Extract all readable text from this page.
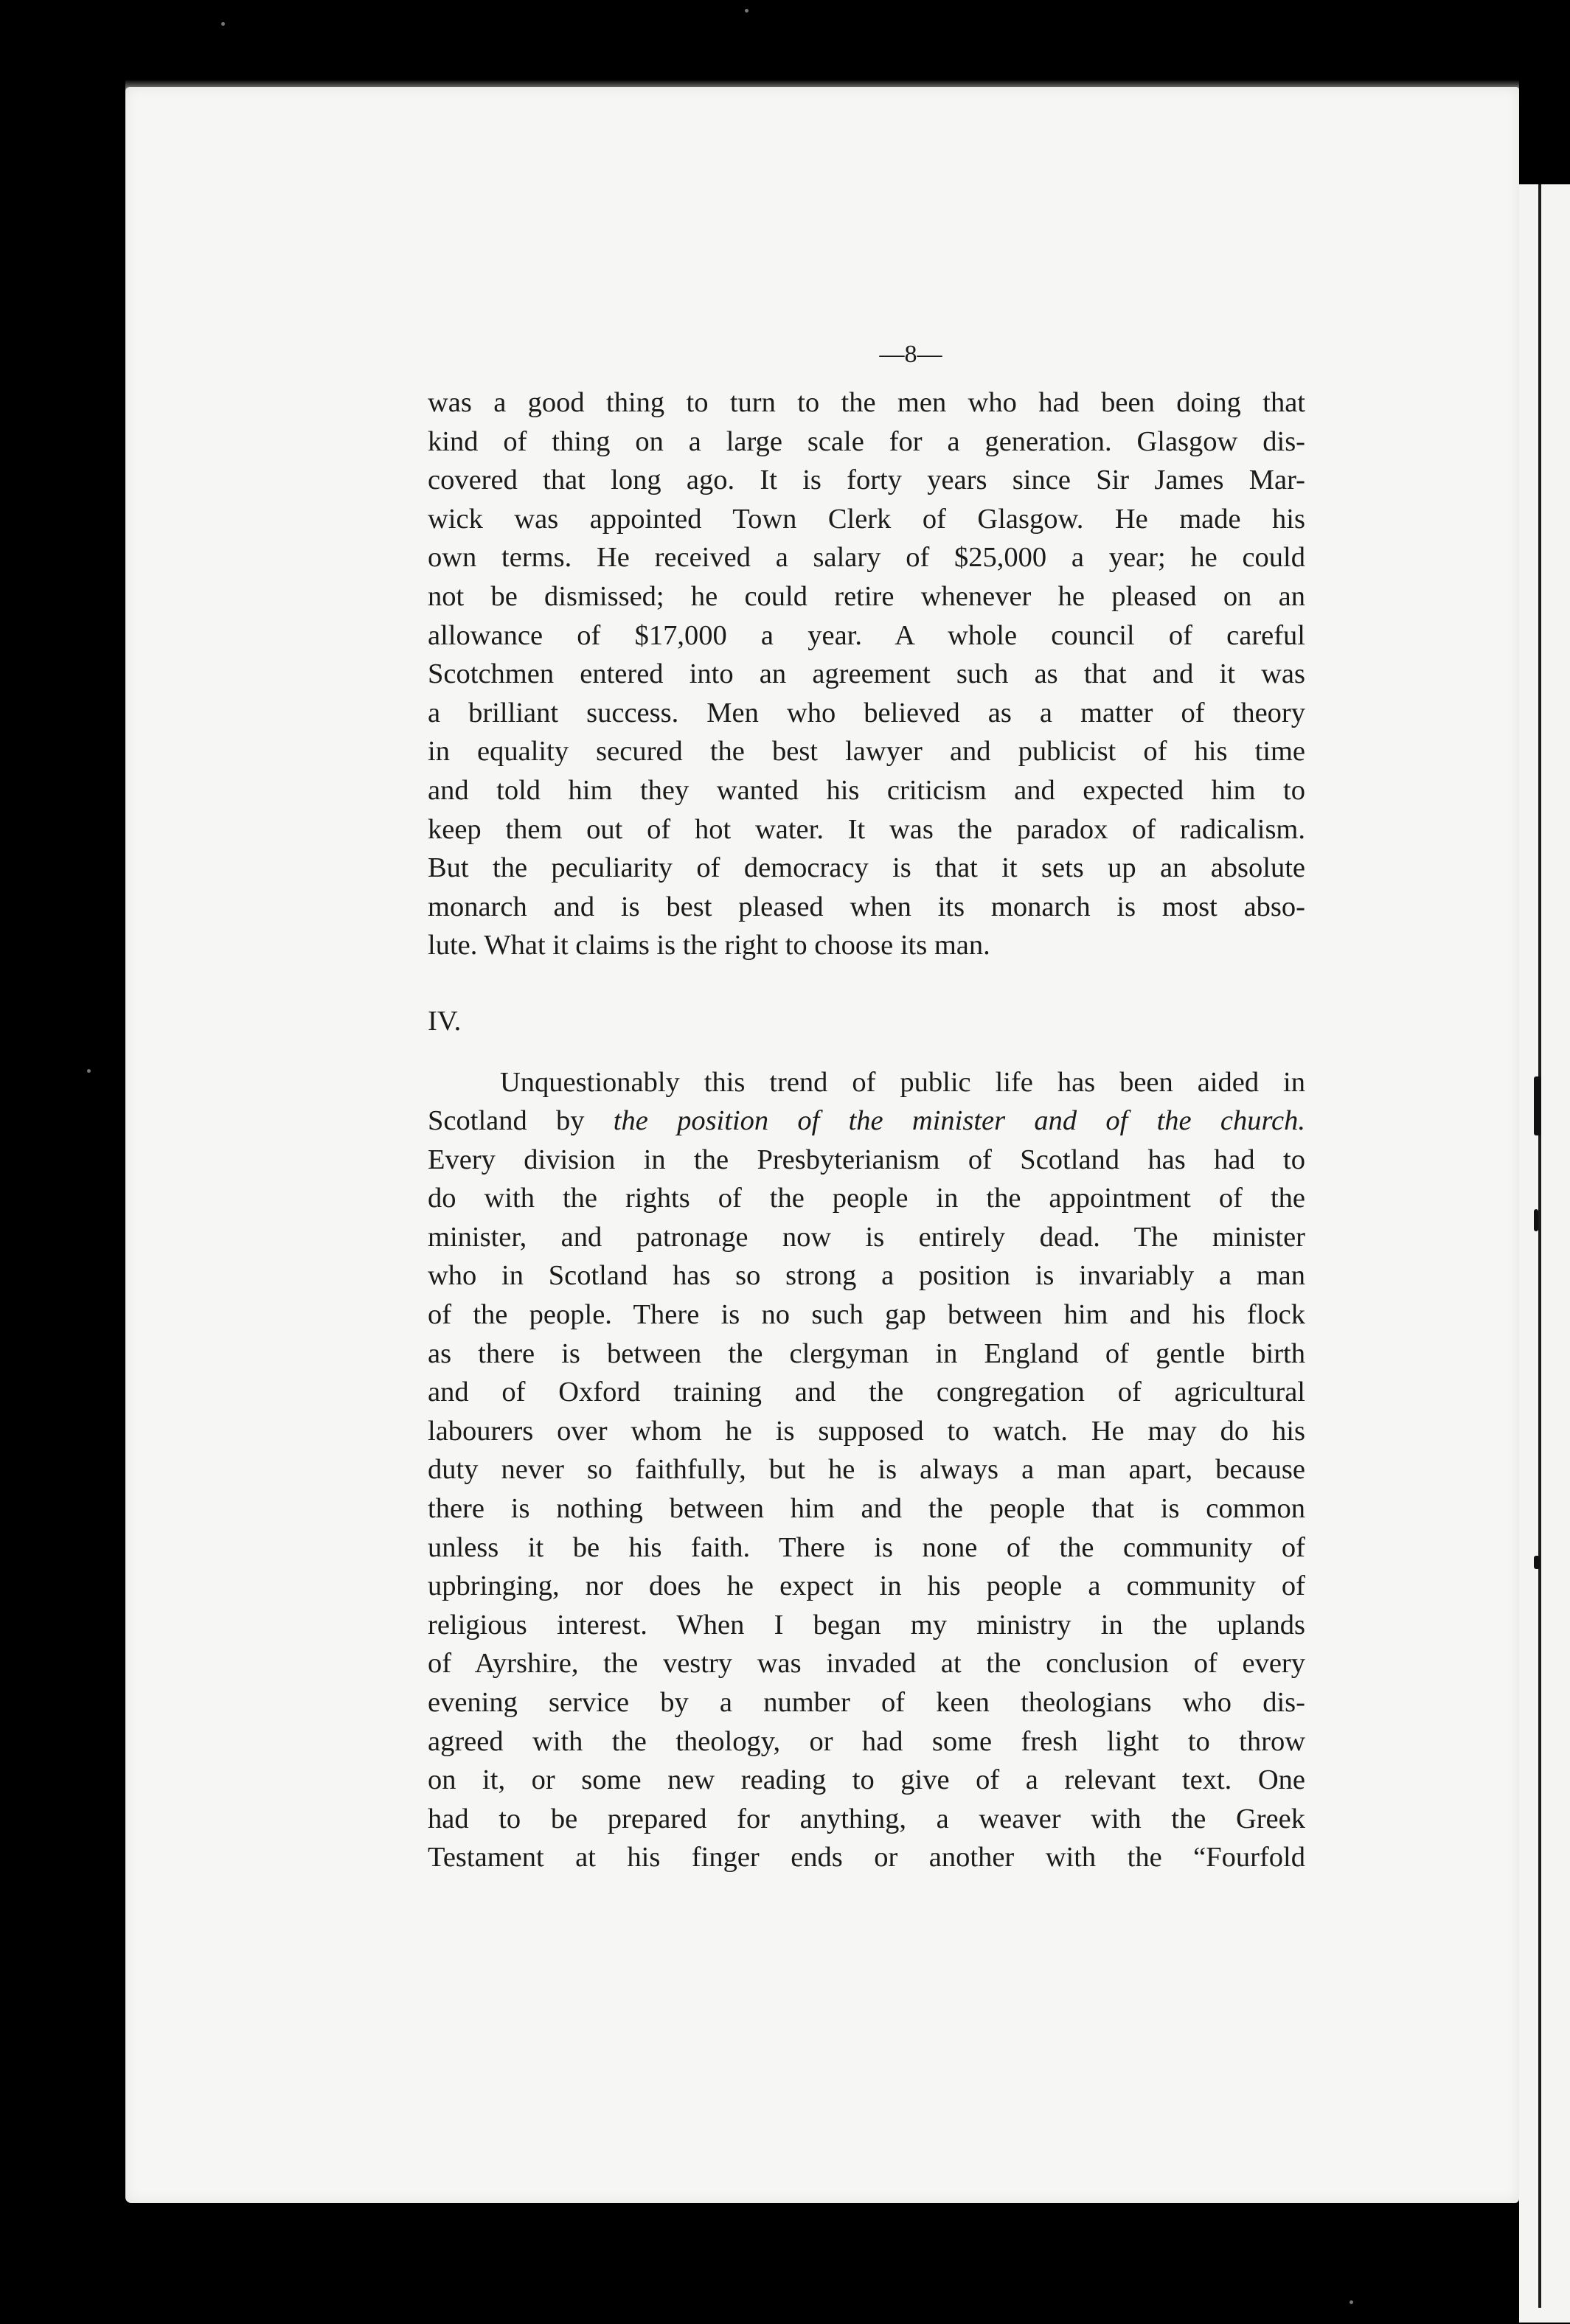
—8—
was a good thing to turn to the men who had been doing that
kind of thing on a large scale for a generation. Glasgow dis-
covered that long ago. It is forty years since Sir James Mar-
wick was appointed Town Clerk of Glasgow. He made his
own terms. He received a salary of $25,000 a year; he could
not be dismissed; he could retire whenever he pleased on an
allowance of $17,000 a year. A whole council of careful
Scotchmen entered into an agreement such as that and it was
a brilliant success. Men who believed as a matter of theory
in equality secured the best lawyer and publicist of his time
and told him they wanted his criticism and expected him to
keep them out of hot water. It was the paradox of radicalism.
But the peculiarity of democracy is that it sets up an absolute
monarch and is best pleased when its monarch is most abso-
lute. What it claims is the right to choose its man.
IV.
Unquestionably this trend of public life has been aided in
Scotland by the position of the minister and of the church.
Every division in the Presbyterianism of Scotland has had to
do with the rights of the people in the appointment of the
minister, and patronage now is entirely dead. The minister
who in Scotland has so strong a position is invariably a man
of the people. There is no such gap between him and his flock
as there is between the clergyman in England of gentle birth
and of Oxford training and the congregation of agricultural
labourers over whom he is supposed to watch. He may do his
duty never so faithfully, but he is always a man apart, because
there is nothing between him and the people that is common
unless it be his faith. There is none of the community of
upbringing, nor does he expect in his people a community of
religious interest. When I began my ministry in the uplands
of Ayrshire, the vestry was invaded at the conclusion of every
evening service by a number of keen theologians who dis-
agreed with the theology, or had some fresh light to throw
on it, or some new reading to give of a relevant text. One
had to be prepared for anything, a weaver with the Greek
Testament at his finger ends or another with the “Fourfold
